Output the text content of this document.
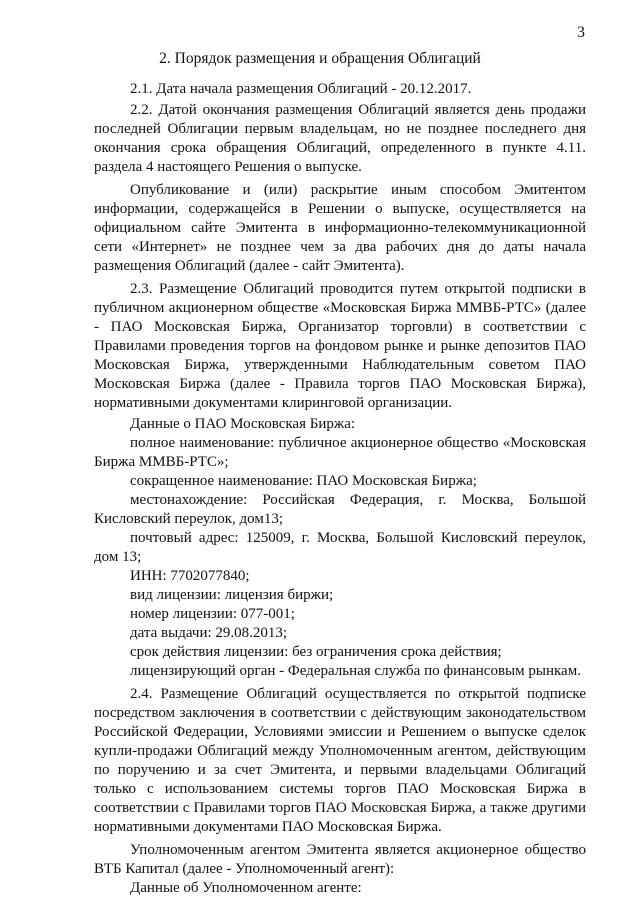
3
2. Порядок размещения и обращения Облигаций

2.1. Дата начала размещения Облигаций - 20.12.2017.

2.2. Датой окончания размещения Облигаций является день продажи последней Облигации первым владельцам, но не позднее последнего дня окончания срока обращения Облигаций, определенного в пункте 4.11. раздела 4 настоящего Решения о выпуске.

Опубликование и (или) раскрытие иным способом Эмитентом информации, содержащейся в Решении о выпуске, осуществляется на официальном сайте Эмитента в информационно-телекоммуникационной сети «Интернет» не позднее чем за два рабочих дня до даты начала размещения Облигаций (далее - сайт Эмитента).

2.3. Размещение Облигаций проводится путем открытой подписки в публичном акционерном обществе «Московская Биржа ММВБ-РТС» (далее - ПАО Московская Биржа, Организатор торговли) в соответствии с Правилами проведения торгов на фондовом рынке и рынке депозитов ПАО Московская Биржа, утвержденными Наблюдательным советом ПАО Московская Биржа (далее - Правила торгов ПАО Московская Биржа), нормативными документами клиринговой организации.

Данные о ПАО Московская Биржа:

полное наименование: публичное акционерное общество «Московская Биржа ММВБ-РТС»;

сокращенное наименование: ПАО Московская Биржа;

местонахождение: Российская Федерация, г. Москва, Большой Кисловский переулок, дом13;

почтовый адрес: 125009, г. Москва, Большой Кисловский переулок, дом 13;

ИНН: 7702077840;

вид лицензии: лицензия биржи;

номер лицензии: 077-001;

дата выдачи: 29.08.2013;

срок действия лицензии: без ограничения срока действия;

лицензирующий орган - Федеральная служба по финансовым рынкам.

2.4. Размещение Облигаций осуществляется по открытой подписке посредством заключения в соответствии с действующим законодательством Российской Федерации, Условиями эмиссии и Решением о выпуске сделок купли-продажи Облигаций между Уполномоченным агентом, действующим по поручению и за счет Эмитента, и первыми владельцами Облигаций только с использованием системы торгов ПАО Московская Биржа в соответствии с Правилами торгов ПАО Московская Биржа, а также другими нормативными документами ПАО Московская Биржа.

Уполномоченным агентом Эмитента является акционерное общество ВТБ Капитал (далее - Уполномоченный агент):

Данные об Уполномоченном агенте:
